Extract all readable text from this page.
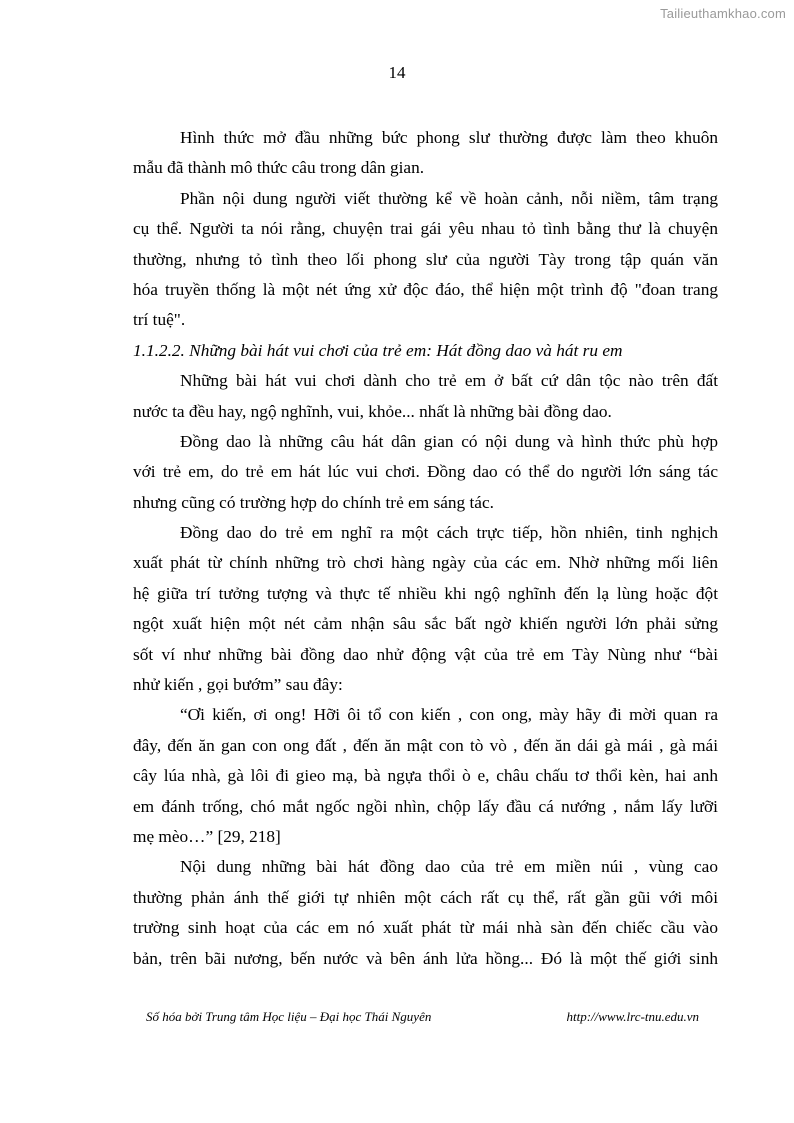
Tailieuthamkhao.com
14
Hình thức mở đầu những bức phong slư thường được làm theo khuôn
mẫu đã thành mô thức câu trong dân gian.
Phần nội dung người viết thường kể về hoàn cảnh, nỗi niềm, tâm trạng
cụ thể. Người ta nói rằng, chuyện trai gái yêu nhau tỏ tình bằng thư là chuyện
thường, nhưng tỏ tình theo lối phong slư của người Tày trong tập quán văn
hóa truyền thống là một nét ứng xử độc đáo, thể hiện một trình độ "đoan trang
trí tuệ".
1.1.2.2. Những bài hát vui chơi của trẻ em: Hát đồng dao và hát ru em
Những bài hát vui chơi dành cho trẻ em ở bất cứ dân tộc nào trên đất
nước ta đều hay, ngộ nghĩnh, vui, khỏe... nhất là những bài đồng dao.
Đồng dao là những câu hát dân gian có nội dung và hình thức phù hợp
với trẻ em, do trẻ em hát lúc vui chơi. Đồng dao có thể do người lớn sáng tác
nhưng cũng có trường hợp do chính trẻ em sáng tác.
Đồng dao do trẻ em nghĩ ra một cách trực tiếp, hồn nhiên, tinh nghịch
xuất phát từ chính những trò chơi hàng ngày của các em. Nhờ những mối liên
hệ giữa trí tưởng tượng và thực tế nhiều khi ngộ nghĩnh đến lạ lùng hoặc đột
ngột xuất hiện một nét cảm nhận sâu sắc bất ngờ khiến người lớn phải sửng
sốt ví như những bài đồng dao nhử động vật của trẻ em Tày Nùng như “bài
nhử kiến , gọi bướm” sau đây:
“Ơi kiến, ơi ong! Hỡi ôi tổ con kiến , con ong, mày hãy đi mời quan ra
đây, đến ăn gan con ong đất , đến ăn mật con tò vò , đến ăn dái gà mái , gà mái
cây lúa nhà, gà lôi đi gieo mạ, bà ngựa thổi ò e, châu chấu tơ thổi kèn, hai anh
em đánh trống, chó mắt ngốc ngồi nhìn, chộp lấy đầu cá nướng , nắm lấy lưỡi
mẹ mèo…” [29, 218]
Nội dung những bài hát đồng dao của trẻ em miền núi , vùng cao
thường phản ánh thế giới tự nhiên một cách rất cụ thể, rất gần gũi với môi
trường sinh hoạt của các em nó xuất phát từ mái nhà sàn đến chiếc cầu vào
bản, trên bãi nương, bến nước và bên ánh lửa hồng... Đó là một thế giới sinh
Số hóa bởi Trung tâm Học liệu – Đại học Thái Nguyên	http://www.lrc-tnu.edu.vn
